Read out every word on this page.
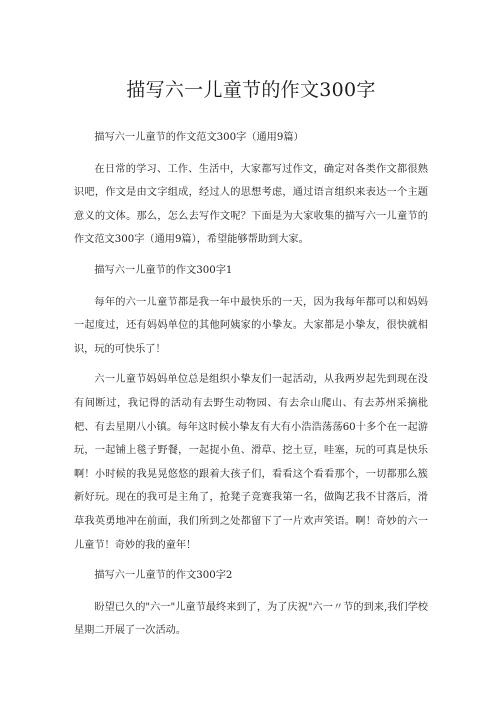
描写六一儿童节的作文300字

描写六一儿童节的作文范文300字（通用9篇）

在日常的学习、工作、生活中，大家都写过作文，确定对各类作文都很熟识吧，作文是由文字组成，经过人的思想考虑，通过语言组织来表达一个主题意义的文体。那么，怎么去写作文呢？下面是为大家收集的描写六一儿童节的作文范文300字（通用9篇），希望能够帮助到大家。

描写六一儿童节的作文300字1

每年的六一儿童节都是我一年中最快乐的一天，因为我每年都可以和妈妈一起度过，还有妈妈单位的其他阿姨家的小挚友。大家都是小挚友，很快就相识，玩的可快乐了！

六一儿童节妈妈单位总是组织小挚友们一起活动，从我两岁起先到现在没有间断过，我记得的活动有去野生动物园、有去佘山爬山、有去苏州采摘枇杷、有去星期八小镇。每年这时候小挚友有大有小浩浩荡荡60十多个在一起游玩，一起铺上毯子野餐，一起捉小鱼、滑草、挖土豆，哇塞，玩的可真是快乐啊！小时候的我晃晃悠悠的跟着大孩子们，看看这个看看那个，一切都那么簇新好玩。现在的我可是主角了，抢凳子竞赛我第一名，做陶艺我不甘落后，滑草我英勇地冲在前面，我们所到之处都留下了一片欢声笑语。啊！奇妙的六一儿童节！奇妙的我的童年！

描写六一儿童节的作文300字2

盼望已久的"六一"儿童节最终来到了，为了庆祝"六一〃节的到来,我们学校星期二开展了一次活动。
